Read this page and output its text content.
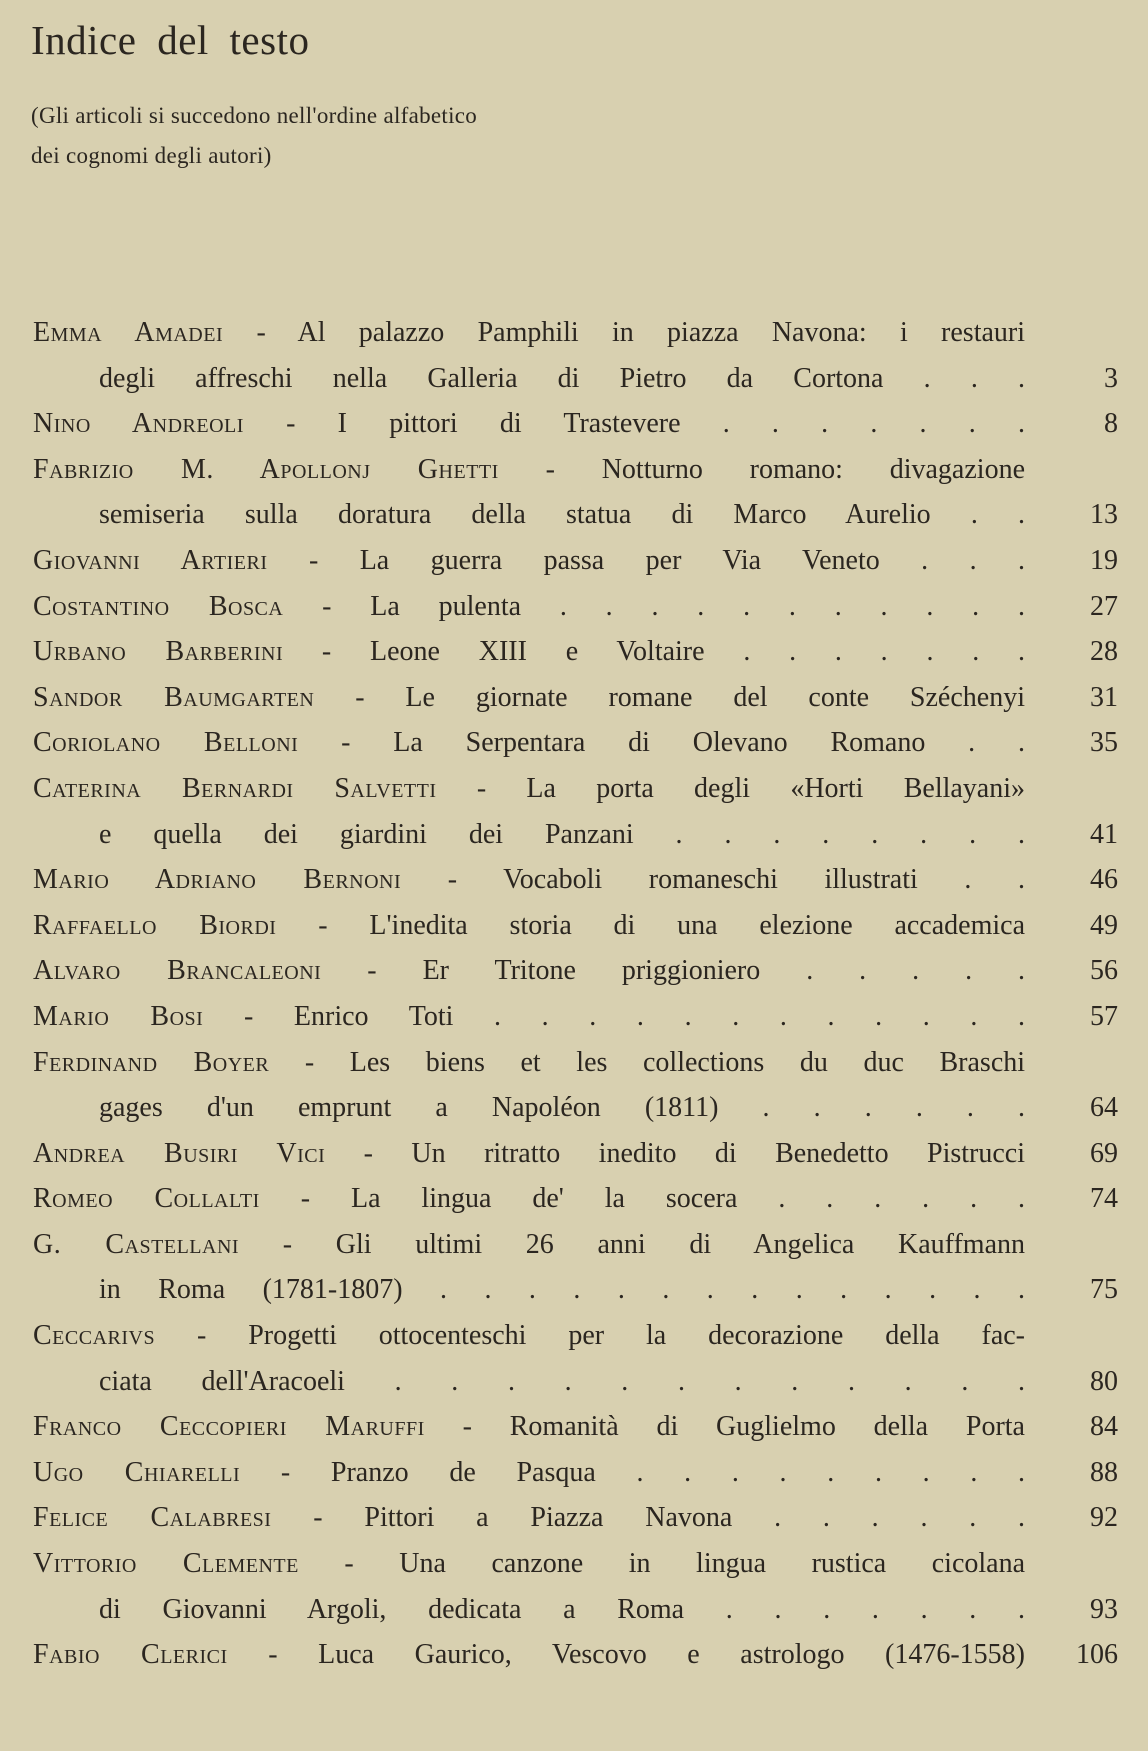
Indice del testo
(Gli articoli si succedono nell'ordine alfabetico
dei cognomi degli autori)
Emma Amadei - Al palazzo Pamphili in piazza Navona: i restauri
degli affreschi nella Galleria di Pietro da Cortona . . .	3
Nino Andreoli - I pittori di Trastevere . . . . . . .	8
Fabrizio M. Apollonj Ghetti - Notturno romano: divagazione
semiseria sulla doratura della statua di Marco Aurelio . .	13
Giovanni Artieri - La guerra passa per Via Veneto . . .	19
Costantino Bosca - La pulenta . . . . . . . . . . .	27
Urbano Barberini - Leone XIII e Voltaire . . . . . . .	28
Sandor Baumgarten - Le giornate romane del conte Széchenyi	31
Coriolano Belloni - La Serpentara di Olevano Romano . .	35
Caterina Bernardi Salvetti - La porta degli «Horti Bellayani»
e quella dei giardini dei Panzani . . . . . . . .	41
Mario Adriano Bernoni - Vocaboli romaneschi illustrati . .	46
Raffaello Biordi - L'inedita storia di una elezione accademica	49
Alvaro Brancaleoni - Er Tritone priggioniero . . . . .	56
Mario Bosi - Enrico Toti . . . . . . . . . . . .	57
Ferdinand Boyer - Les biens et les collections du duc Braschi
gages d'un emprunt a Napoléon (1811) . . . . . .	64
Andrea Busiri Vici - Un ritratto inedito di Benedetto Pistrucci	69
Romeo Collalti - La lingua de' la socera . . . . . .	74
G. Castellani - Gli ultimi 26 anni di Angelica Kauffmann
in Roma (1781-1807) . . . . . . . . . . . . . .	75
Ceccarivs - Progetti ottocenteschi per la decorazione della fac-
ciata dell'Aracoeli . . . . . . . . . . . .	80
Franco Ceccopieri Maruffi - Romanità di Guglielmo della Porta	84
Ugo Chiarelli - Pranzo de Pasqua . . . . . . . . .	88
Felice Calabresi - Pittori a Piazza Navona . . . . . .	92
Vittorio Clemente - Una canzone in lingua rustica cicolana
di Giovanni Argoli, dedicata a Roma . . . . . . .	93
Fabio Clerici - Luca Gaurico, Vescovo e astrologo (1476-1558)	106
